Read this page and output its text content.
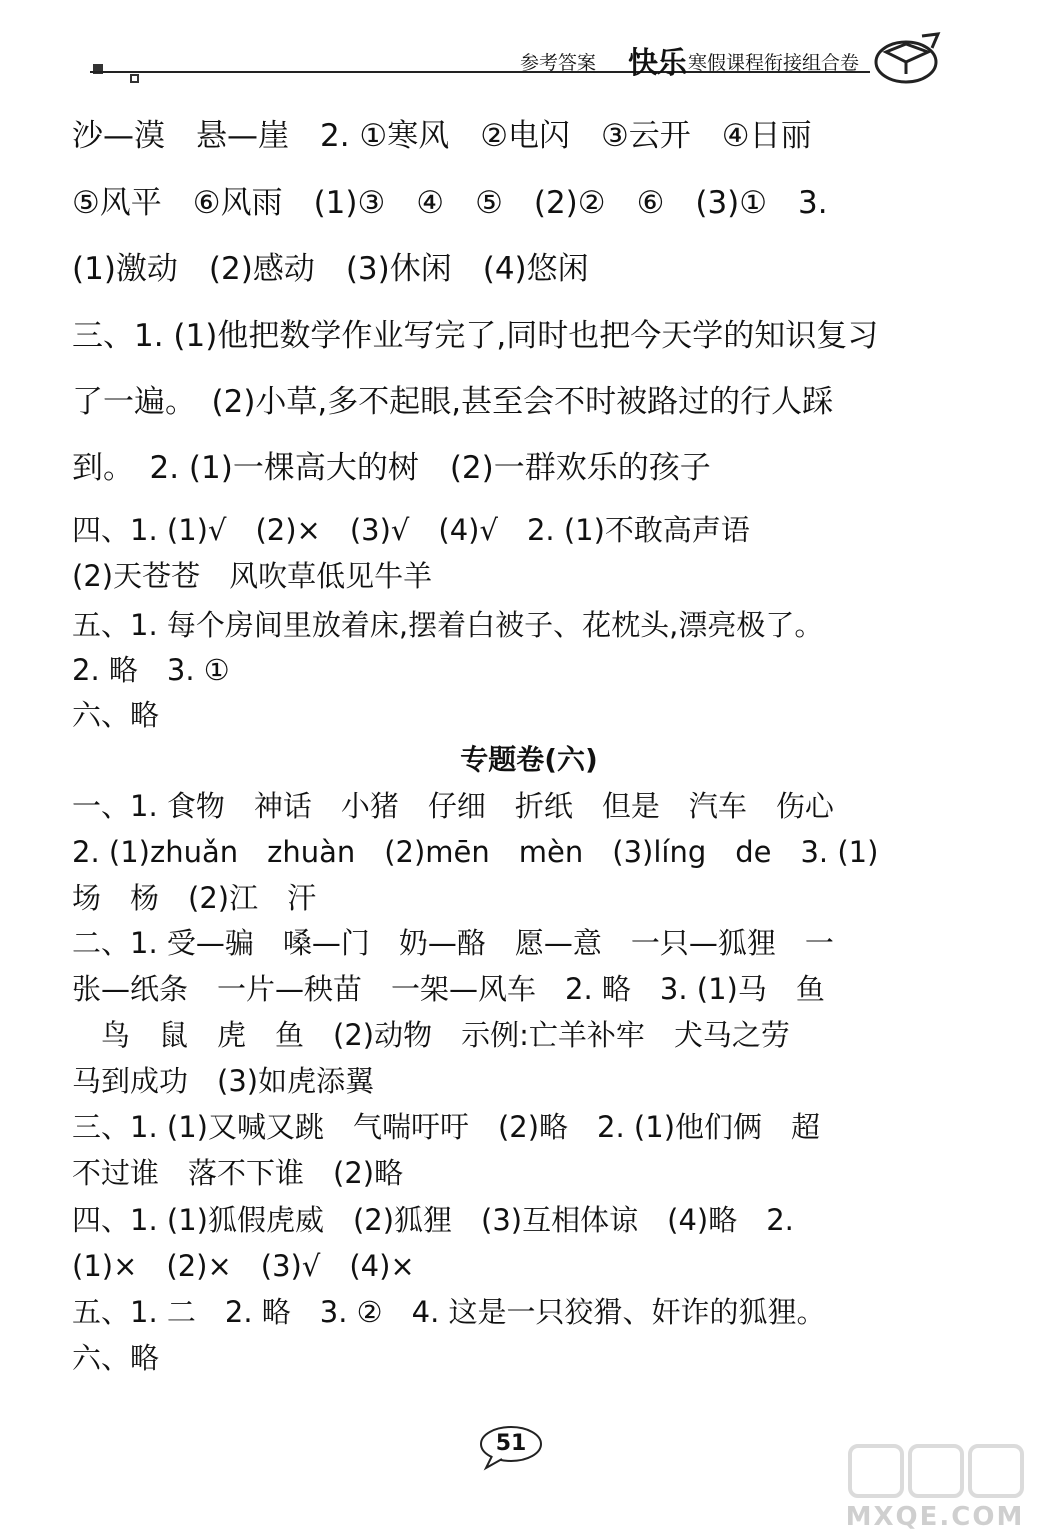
参考答案 快乐 寒假课程衔接组合卷
沙—漠　悬—崖　2. ①寒风　②电闪　③云开　④日丽
⑤风平　⑥风雨　(1)③　④　⑤　(2)②　⑥　(3)①　3.
(1)激动　(2)感动　(3)休闲　(4)悠闲
三、1. (1)他把数学作业写完了,同时也把今天学的知识复习
了一遍。　(2)小草,多不起眼,甚至会不时被路过的行人踩
到。　2. (1)一棵高大的树　(2)一群欢乐的孩子
四、1. (1)√　(2)×　(3)√　(4)√　2. (1)不敢高声语
(2)天苍苍　风吹草低见牛羊
五、1. 每个房间里放着床,摆着白被子、花枕头,漂亮极了。
2. 略　3. ①
六、略
专题卷(六)
一、1. 食物　神话　小猪　仔细　折纸　但是　汽车　伤心
2. (1)zhuǎn　zhuàn　(2)mēn　mèn　(3)líng　de　3. (1)
场　杨　(2)江　汗
二、1. 受—骗　嗓—门　奶—酪　愿—意　一只—狐狸　一
张—纸条　一片—秧苗　一架—风车　2. 略　3. (1)马　鱼
　鸟　鼠　虎　鱼　(2)动物　示例:亡羊补牢　犬马之劳
马到成功　(3)如虎添翼
三、1. (1)又喊又跳　气喘吁吁　(2)略　2. (1)他们俩　超
不过谁　落不下谁　(2)略
四、1. (1)狐假虎威　(2)狐狸　(3)互相体谅　(4)略　2.
(1)×　(2)×　(3)√　(4)×
五、1. 二　2. 略　3. ②　4. 这是一只狡猾、奸诈的狐狸。
六、略
51
MXQE.COM
